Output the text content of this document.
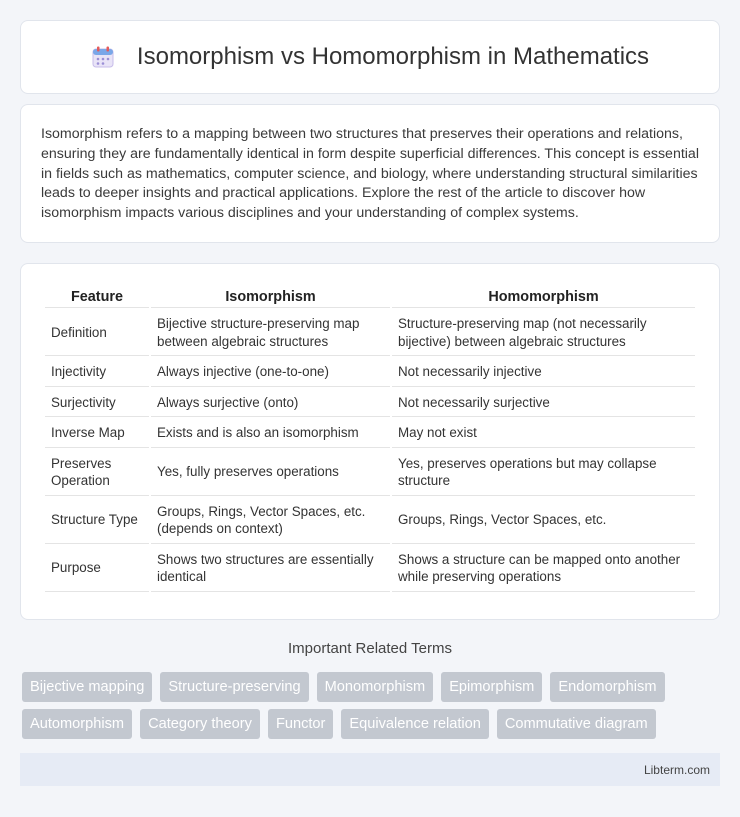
Isomorphism vs Homomorphism in Mathematics

Isomorphism refers to a mapping between two structures that preserves their operations and relations, ensuring they are fundamentally identical in form despite superficial differences. This concept is essential in fields such as mathematics, computer science, and biology, where understanding structural similarities leads to deeper insights and practical applications. Explore the rest of the article to discover how isomorphism impacts various disciplines and your understanding of complex systems.

Feature	Isomorphism	Homomorphism
Definition	Bijective structure-preserving map between algebraic structures	Structure-preserving map (not necessarily bijective) between algebraic structures
Injectivity	Always injective (one-to-one)	Not necessarily injective
Surjectivity	Always surjective (onto)	Not necessarily surjective
Inverse Map	Exists and is also an isomorphism	May not exist
Preserves Operation	Yes, fully preserves operations	Yes, preserves operations but may collapse structure
Structure Type	Groups, Rings, Vector Spaces, etc. (depends on context)	Groups, Rings, Vector Spaces, etc.
Purpose	Shows two structures are essentially identical	Shows a structure can be mapped onto another while preserving operations
Important Related Terms
Bijective mapping	Structure-preserving	Monomorphism	Epimorphism	Endomorphism
Automorphism	Category theory	Functor	Equivalence relation	Commutative diagram
Libterm.com
